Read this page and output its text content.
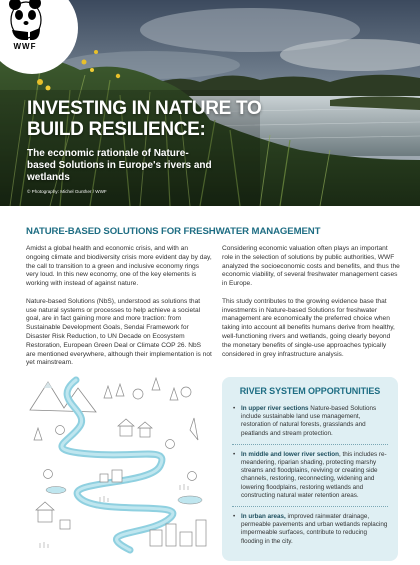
WWF
INVESTING IN NATURE TO
BUILD RESILIENCE:
The economic rationale of Nature-based Solutions in Europe's rivers and wetlands
© Photography: Michel Gunther / WWF
NATURE-BASED SOLUTIONS FOR FRESHWATER MANAGEMENT

Amidst a global health and economic crisis, and with an ongoing climate and biodiversity crisis more evident day by day, the call to transition to a green and inclusive economy rings very loud. In this new economy, one of the key elements is working with instead of against nature.

Nature-based Solutions (NbS), understood as solutions that use natural systems or processes to help achieve a societal goal, are in fact gaining more and more traction: from Sustainable Development Goals, Sendai Framework for Disaster Risk Reduction, to UN Decade on Ecosystem Restoration, European Green Deal or Climate COP 26. NbS are mentioned everywhere, although their implementation is not yet mainstream.

Considering economic valuation often plays an important role in the selection of solutions by public authorities, WWF analyzed the socioeconomic costs and benefits, and thus the economic viability, of several freshwater management cases in Europe.

This study contributes to the growing evidence base that investments in Nature-based Solutions for freshwater management are economically the preferred choice when taking into account all benefits humans derive from healthy, well-functioning rivers and wetlands, going clearly beyond the monetary benefits of single-use approaches typically considered in grey infrastructure analysis.

RIVER SYSTEM OPPORTUNITIES
• In upper river sections Nature-based Solutions include sustainable land use management, restoration of natural forests, grasslands and peatlands and stream protection.
• In middle and lower river section, this includes re-meandering, riparian shading, protecting marshy streams and floodplains, reviving or creating side channels, restoring, reconnecting, widening and lowering floodplains, restoring wetlands and constructing natural water retention areas.
• In urban areas, improved rainwater drainage, permeable pavements and urban wetlands replacing impermeable surfaces, contribute to reducing flooding in the city.
